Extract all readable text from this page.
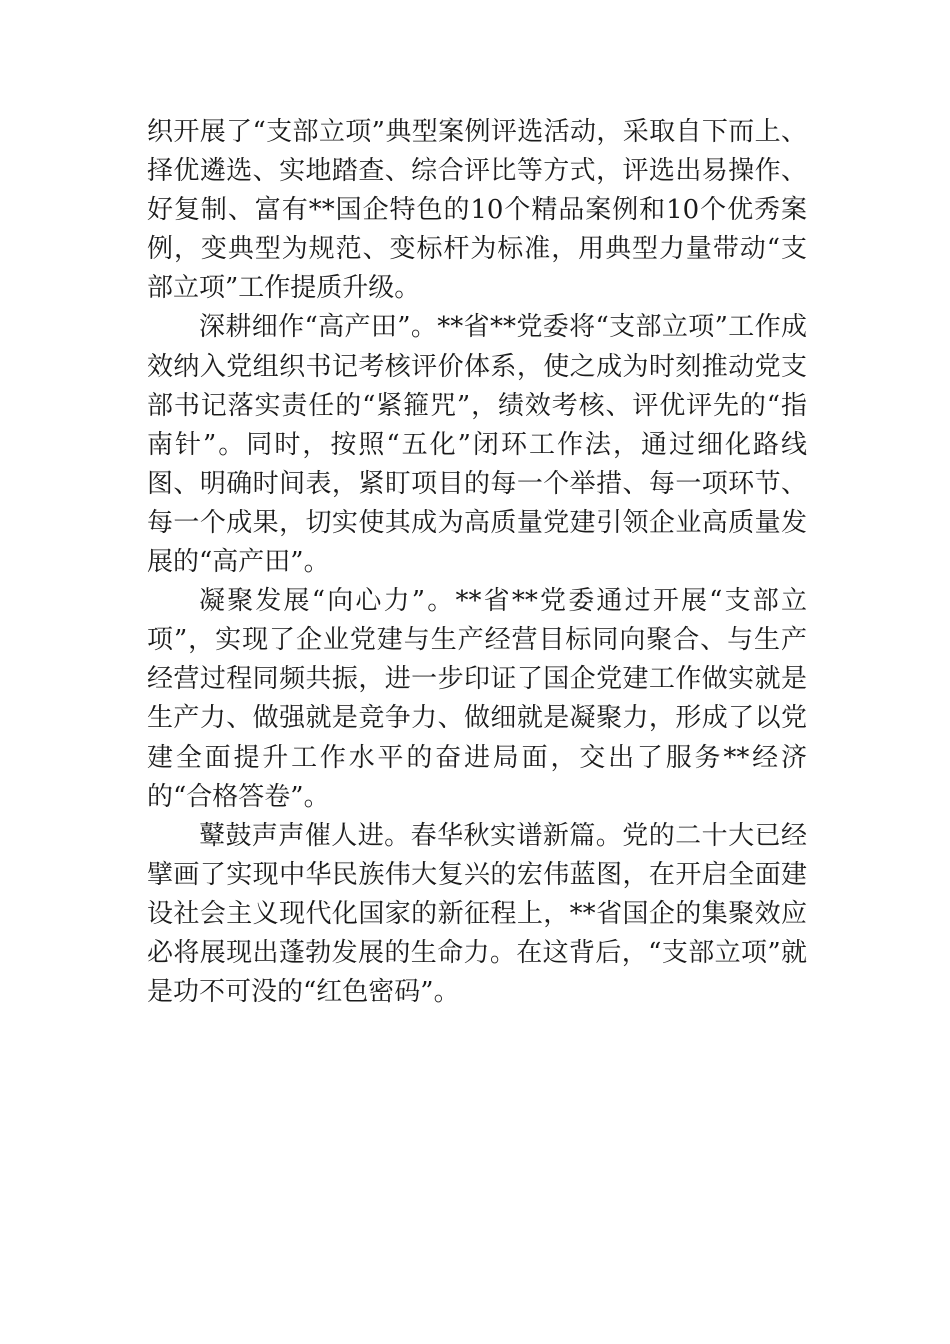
织开展了“支部立项”典型案例评选活动，采取自下而上、择优遴选、实地踏查、综合评比等方式，评选出易操作、好复制、富有**国企特色的10个精品案例和10个优秀案例，变典型为规范、变标杆为标准，用典型力量带动“支部立项”工作提质升级。

深耕细作“高产田”。**省**党委将“支部立项”工作成效纳入党组织书记考核评价体系，使之成为时刻推动党支部书记落实责任的“紧箍咒”，绩效考核、评优评先的“指南针”。同时，按照“五化”闭环工作法，通过细化路线图、明确时间表，紧盯项目的每一个举措、每一项环节、每一个成果，切实使其成为高质量党建引领企业高质量发展的“高产田”。

凝聚发展“向心力”。**省**党委通过开展“支部立项”，实现了企业党建与生产经营目标同向聚合、与生产经营过程同频共振，进一步印证了国企党建工作做实就是生产力、做强就是竞争力、做细就是凝聚力，形成了以党建全面提升工作水平的奋进局面，交出了服务**经济的“合格答卷”。

鼙鼓声声催人进。春华秋实谱新篇。党的二十大已经擘画了实现中华民族伟大复兴的宏伟蓝图，在开启全面建设社会主义现代化国家的新征程上，**省国企的集聚效应必将展现出蓬勃发展的生命力。在这背后，“支部立项”就是功不可没的“红色密码”。
